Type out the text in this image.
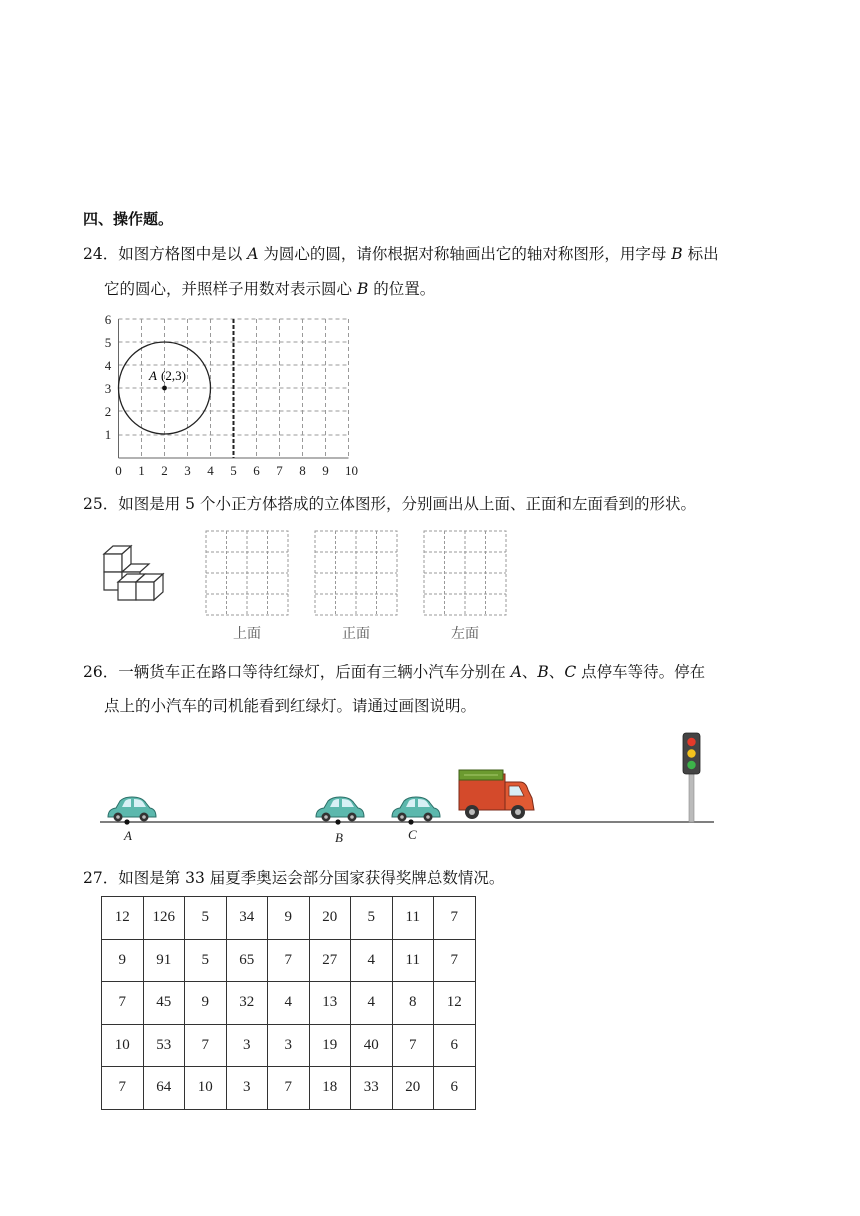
四、操作题。
24．如图方格图中是以 A 为圆心的圆，请你根据对称轴画出它的轴对称图形，用字母 B 标出
它的圆心，并照样子用数对表示圆心 B 的位置。
A (2,3)
0 1 2 3 4 5 6 7 8 9 10
1
2
3
4
5
6
25．如图是用 5 个小正方体搭成的立体图形，分别画出从上面、正面和左面看到的形状。
上面	正面	左面
26．一辆货车正在路口等待红绿灯，后面有三辆小汽车分别在 A、B、C 点停车等待。停在
点上的小汽车的司机能看到红绿灯。请通过画图说明。
A	B	C
27．如图是第 33 届夏季奥运会部分国家获得奖牌总数情况。
12	126	5	34	9	20	5	11	7
9	91	5	65	7	27	4	11	7
7	45	9	32	4	13	4	8	12
10	53	7	3	3	19	40	7	6
7	64	10	3	7	18	33	20	6
